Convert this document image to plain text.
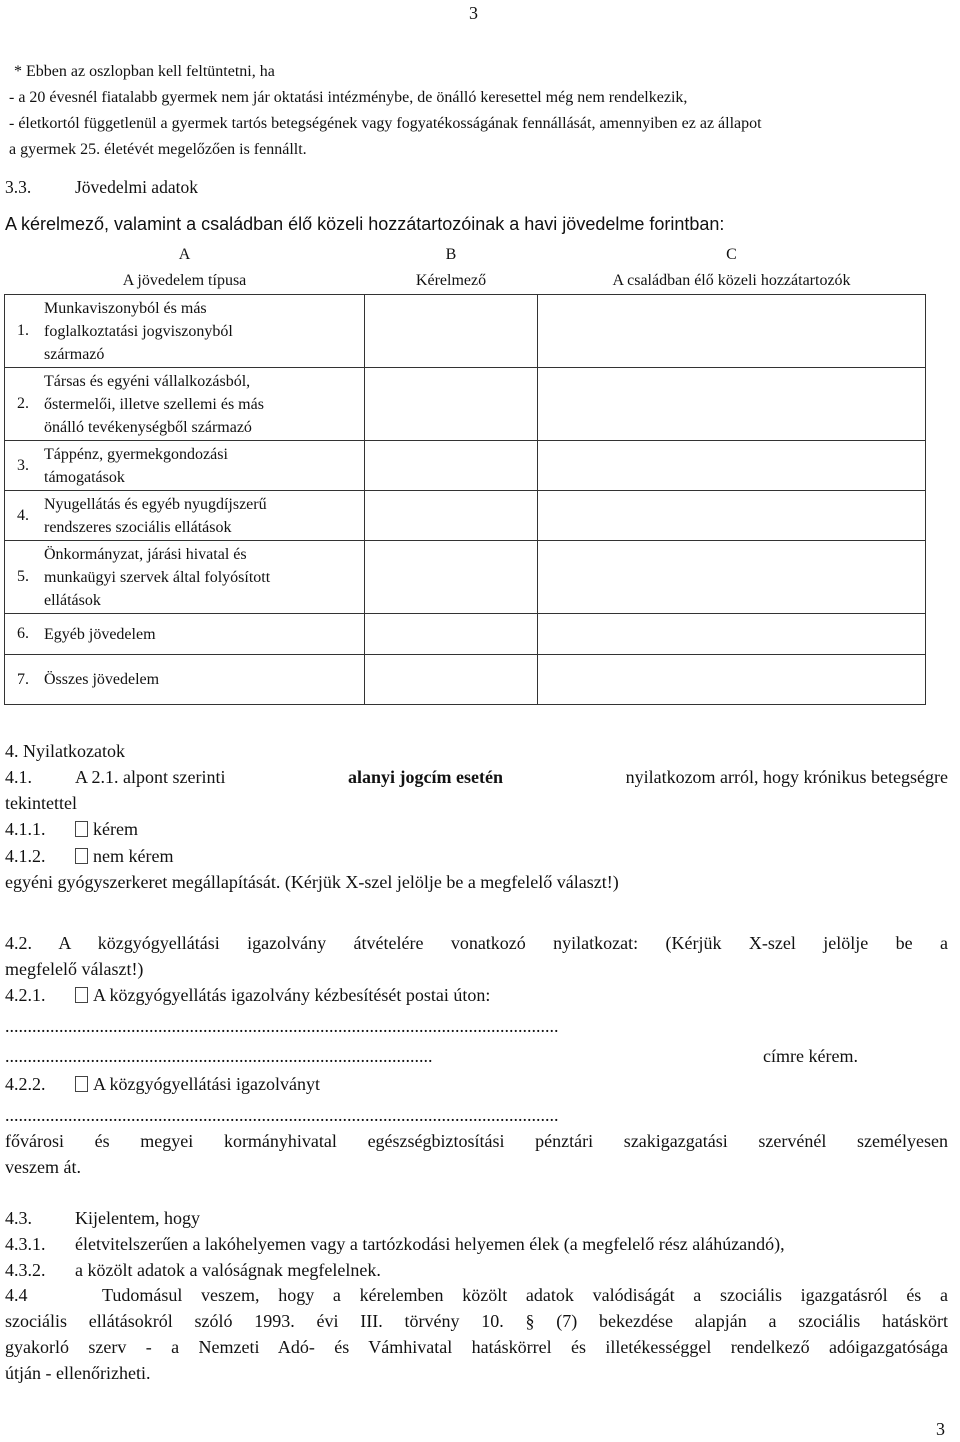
3
* Ebben az oszlopban kell feltüntetni, ha
- a 20 évesnél fiatalabb gyermek nem jár oktatási intézménybe, de önálló keresettel még nem rendelkezik,
- életkortól függetlenül a gyermek tartós betegségének vagy fogyatékosságának fennállását, amennyiben ez az állapot
a gyermek 25. életévét megelőzően is fennállt.
3.3.	Jövedelmi adatok
A kérelmező, valamint a családban élő közeli hozzátartozóinak a havi jövedelme forintban:
A		B	C
A jövedelem típusa		Kérelmező	A családban élő közeli hozzátartozók
1.	Munkaviszonyból és más
foglalkoztatási jogviszonyból
származó		

2.	Társas és egyéni vállalkozásból,
őstermelői, illetve szellemi és más
önálló tevékenységből származó		

3.	Táppénz, gyermekgondozási
támogatások		

4.	Nyugellátás és egyéb nyugdíjszerű
rendszeres szociális ellátások		

5.	Önkormányzat, járási hivatal és
munkaügyi szervek által folyósított
ellátások		

6.	Egyéb jövedelem		

7.	Összes jövedelem		

4. Nyilatkozatok
4.1. A 2.1. alpont szerinti	alanyi jogcím esetén	nyilatkozom arról, hogy krónikus betegségre
tekintettel
4.1.1.	kérem
4.1.2.	nem kérem
egyéni gyógyszerkeret megállapítását. (Kérjük X-szel jelölje be a megfelelő választ!)
4.2. A közgyógyellátási igazolvány átvételére vonatkozó nyilatkozat: (Kérjük X-szel jelölje be a
megfelelő választ!)
4.2.1.	A közgyógyellátás igazolvány kézbesítését postai úton:
...........................................................................................................................
...............................................................................................	címre kérem.
4.2.2.	A közgyógyellátási igazolványt
...........................................................................................................................
fővárosi és megyei kormányhivatal egészségbiztosítási pénztári szakigazgatási szervénél személyesen
veszem át.
4.3. Kijelentem, hogy
4.3.1. életvitelszerűen a lakóhelyemen vagy a tartózkodási helyemen élek (a megfelelő rész aláhúzandó),
4.3.2. a közölt adatok a valóságnak megfelelnek.
4.4    Tudomásul veszem, hogy a kérelemben közölt adatok valódiságát a szociális igazgatásról és a
szociális ellátásokról szóló 1993. évi III. törvény 10. § (7) bekezdése alapján a szociális hatáskört
gyakorló szerv - a Nemzeti Adó- és Vámhivatal hatáskörrel és illetékességgel rendelkező adóigazgatósága
útján - ellenőrizheti.
3
